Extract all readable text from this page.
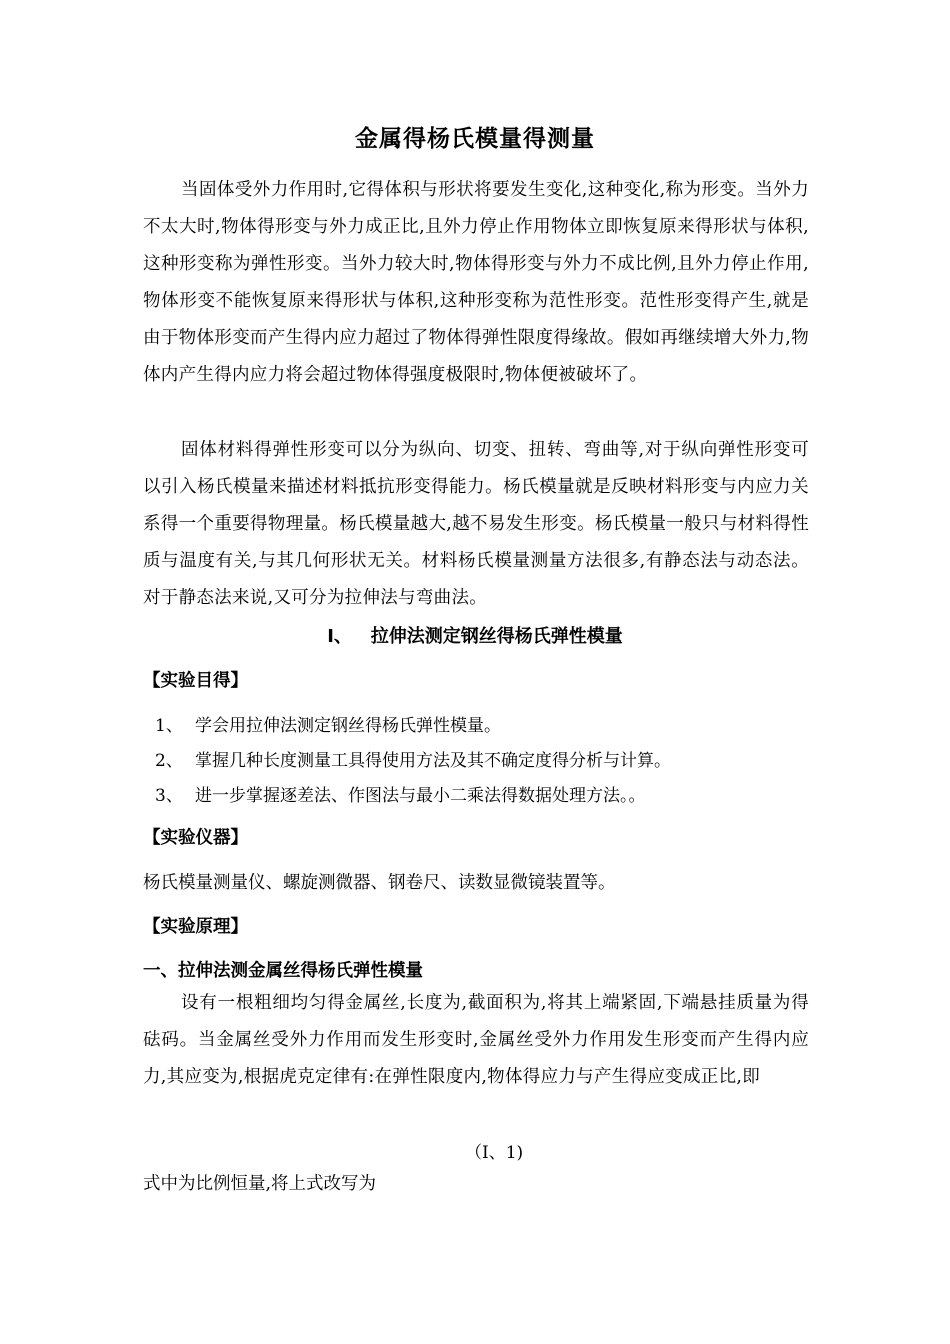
金属得杨氏模量得测量
当固体受外力作用时,它得体积与形状将要发生变化,这种变化,称为形变。当外力不太大时,物体得形变与外力成正比,且外力停止作用物体立即恢复原来得形状与体积,这种形变称为弹性形变。当外力较大时,物体得形变与外力不成比例,且外力停止作用,物体形变不能恢复原来得形状与体积,这种形变称为范性形变。范性形变得产生,就是由于物体形变而产生得内应力超过了物体得弹性限度得缘故。假如再继续增大外力,物体内产生得内应力将会超过物体得强度极限时,物体便被破坏了。
固体材料得弹性形变可以分为纵向、切变、扭转、弯曲等,对于纵向弹性形变可以引入杨氏模量来描述材料抵抗形变得能力。杨氏模量就是反映材料形变与内应力关系得一个重要得物理量。杨氏模量越大,越不易发生形变。杨氏模量一般只与材料得性质与温度有关,与其几何形状无关。材料杨氏模量测量方法很多,有静态法与动态法。对于静态法来说,又可分为拉伸法与弯曲法。
Ⅰ、 拉伸法测定钢丝得杨氏弹性模量
【实验目得】
1、 学会用拉伸法测定钢丝得杨氏弹性模量。
2、 掌握几种长度测量工具得使用方法及其不确定度得分析与计算。
3、 进一步掌握逐差法、作图法与最小二乘法得数据处理方法。。
【实验仪器】
杨氏模量测量仪、螺旋测微器、钢卷尺、读数显微镜装置等。
【实验原理】
一、拉伸法测金属丝得杨氏弹性模量
设有一根粗细均匀得金属丝,长度为,截面积为,将其上端紧固,下端悬挂质量为得砝码。当金属丝受外力作用而发生形变时,金属丝受外力作用发生形变而产生得内应力,其应变为,根据虎克定律有:在弹性限度内,物体得应力与产生得应变成正比,即
（Ⅰ、1)
式中为比例恒量,将上式改写为
